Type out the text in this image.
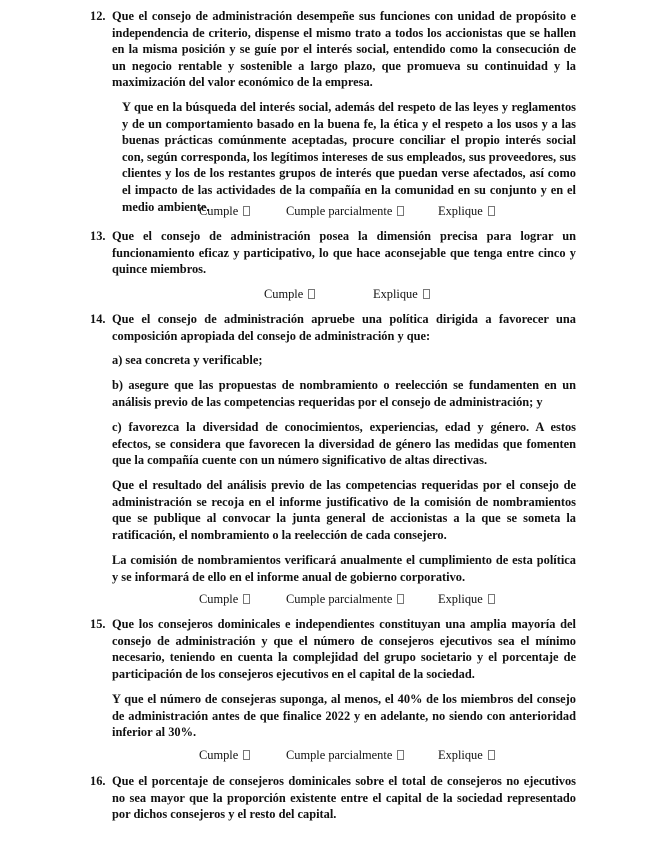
12. Que el consejo de administración desempeñe sus funciones con unidad de propósito e independencia de criterio, dispense el mismo trato a todos los accionistas que se hallen en la misma posición y se guíe por el interés social, entendido como la consecución de un negocio rentable y sostenible a largo plazo, que promueva su continuidad y la maximización del valor económico de la empresa.

Y que en la búsqueda del interés social, además del respeto de las leyes y reglamentos y de un comportamiento basado en la buena fe, la ética y el respeto a los usos y a las buenas prácticas comúnmente aceptadas, procure conciliar el propio interés social con, según corresponda, los legítimos intereses de sus empleados, sus proveedores, sus clientes y los de los restantes grupos de interés que puedan verse afectados, así como el impacto de las actividades de la compañía en la comunidad en su conjunto y en el medio ambiente.

Cumple	Cumple parcialmente	Explique
13. Que el consejo de administración posea la dimensión precisa para lograr un funcionamiento eficaz y participativo, lo que hace aconsejable que tenga entre cinco y quince miembros.

Cumple	Explique
14. Que el consejo de administración apruebe una política dirigida a favorecer una composición apropiada del consejo de administración y que:

a) sea concreta y verificable;

b) asegure que las propuestas de nombramiento o reelección se fundamenten en un análisis previo de las competencias requeridas por el consejo de administración; y

c) favorezca la diversidad de conocimientos, experiencias, edad y género. A estos efectos, se considera que favorecen la diversidad de género las medidas que fomenten que la compañía cuente con un número significativo de altas directivas.

Que el resultado del análisis previo de las competencias requeridas por el consejo de administración se recoja en el informe justificativo de la comisión de nombramientos que se publique al convocar la junta general de accionistas a la que se someta la ratificación, el nombramiento o la reelección de cada consejero.

La comisión de nombramientos verificará anualmente el cumplimiento de esta política y se informará de ello en el informe anual de gobierno corporativo.

Cumple	Cumple parcialmente	Explique
15. Que los consejeros dominicales e independientes constituyan una amplia mayoría del consejo de administración y que el número de consejeros ejecutivos sea el mínimo necesario, teniendo en cuenta la complejidad del grupo societario y el porcentaje de participación de los consejeros ejecutivos en el capital de la sociedad.

Y que el número de consejeras suponga, al menos, el 40% de los miembros del consejo de administración antes de que finalice 2022 y en adelante, no siendo con anterioridad inferior al 30%.

Cumple	Cumple parcialmente	Explique
16. Que el porcentaje de consejeros dominicales sobre el total de consejeros no ejecutivos no sea mayor que la proporción existente entre el capital de la sociedad representado por dichos consejeros y el resto del capital.
